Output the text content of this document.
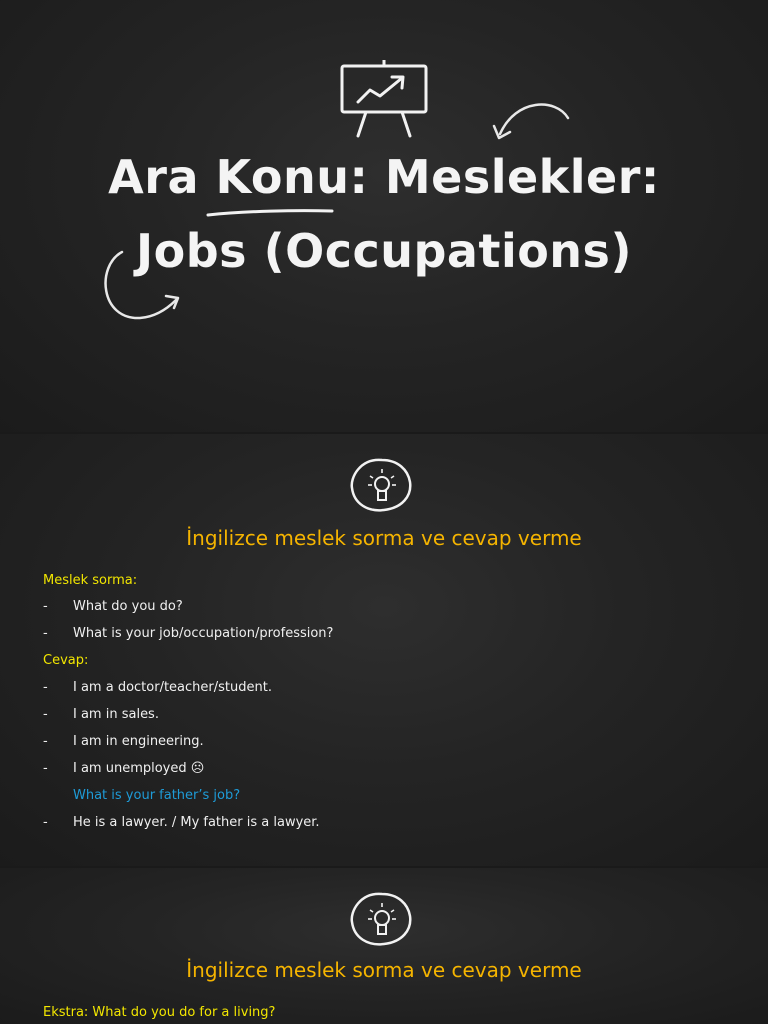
Ara Konu: Meslekler:
Jobs (Occupations)
İngilizce meslek sorma ve cevap verme
Meslek sorma:
- What do you do?
- What is your job/occupation/profession?
Cevap:
- I am a doctor/teacher/student.
- I am in sales.
- I am in engineering.
- I am unemployed ☹
What is your father’s job?
- He is a lawyer. / My father is a lawyer.
İngilizce meslek sorma ve cevap verme
Ekstra: What do you do for a living?
